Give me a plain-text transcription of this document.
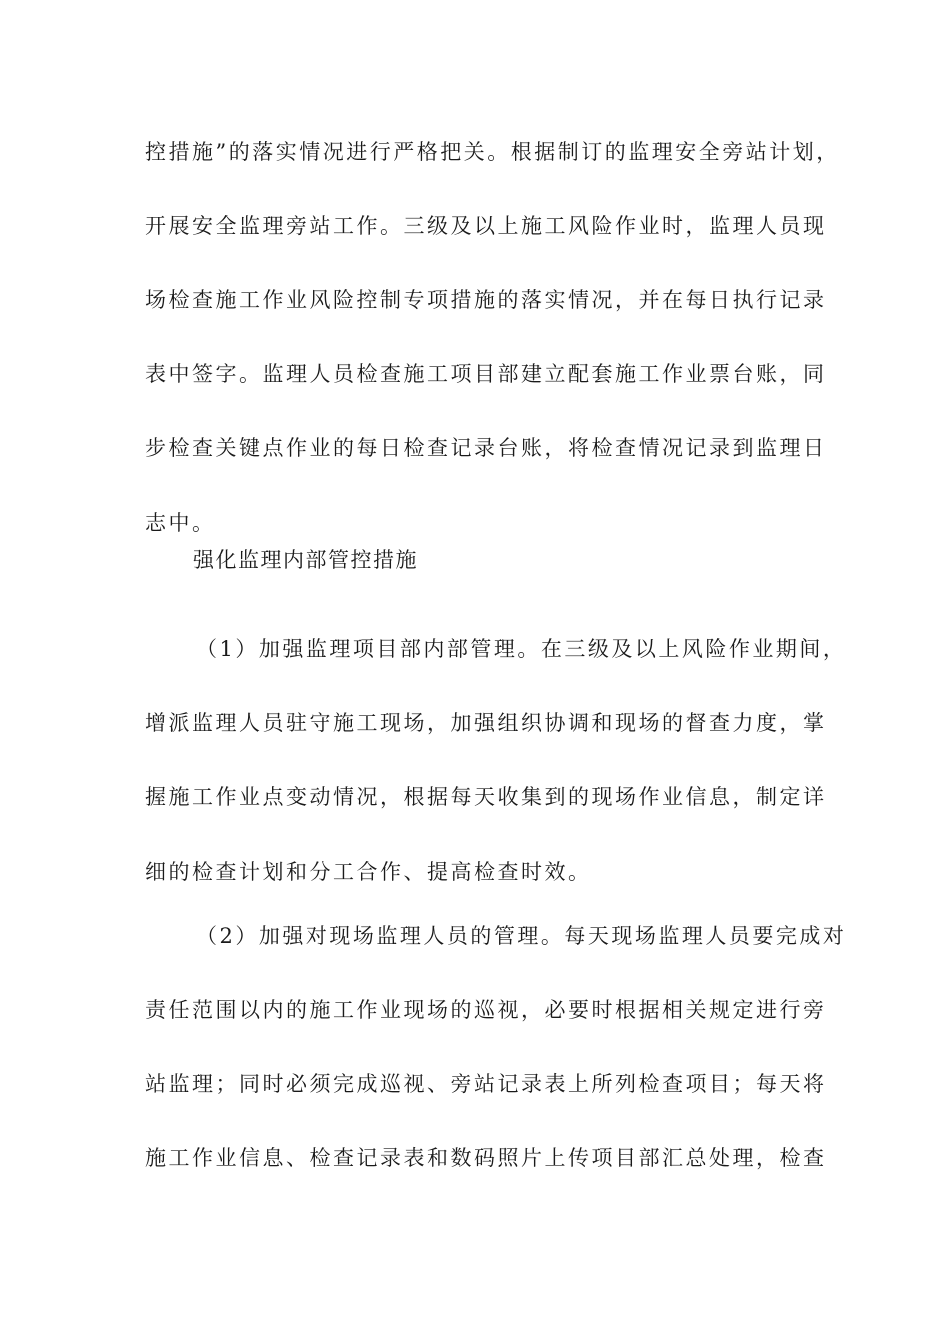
控措施”的落实情况进行严格把关。根据制订的监理安全旁站计划，
开展安全监理旁站工作。三级及以上施工风险作业时，监理人员现
场检查施工作业风险控制专项措施的落实情况，并在每日执行记录
表中签字。监理人员检查施工项目部建立配套施工作业票台账，同
步检查关键点作业的每日检查记录台账，将检查情况记录到监理日
志中。
强化监理内部管控措施
（1）加强监理项目部内部管理。在三级及以上风险作业期间，
增派监理人员驻守施工现场，加强组织协调和现场的督查力度，掌
握施工作业点变动情况，根据每天收集到的现场作业信息，制定详
细的检查计划和分工合作、提高检查时效。
（2）加强对现场监理人员的管理。每天现场监理人员要完成对
责任范围以内的施工作业现场的巡视，必要时根据相关规定进行旁
站监理；同时必须完成巡视、旁站记录表上所列检查项目；每天将
施工作业信息、检查记录表和数码照片上传项目部汇总处理，检查
